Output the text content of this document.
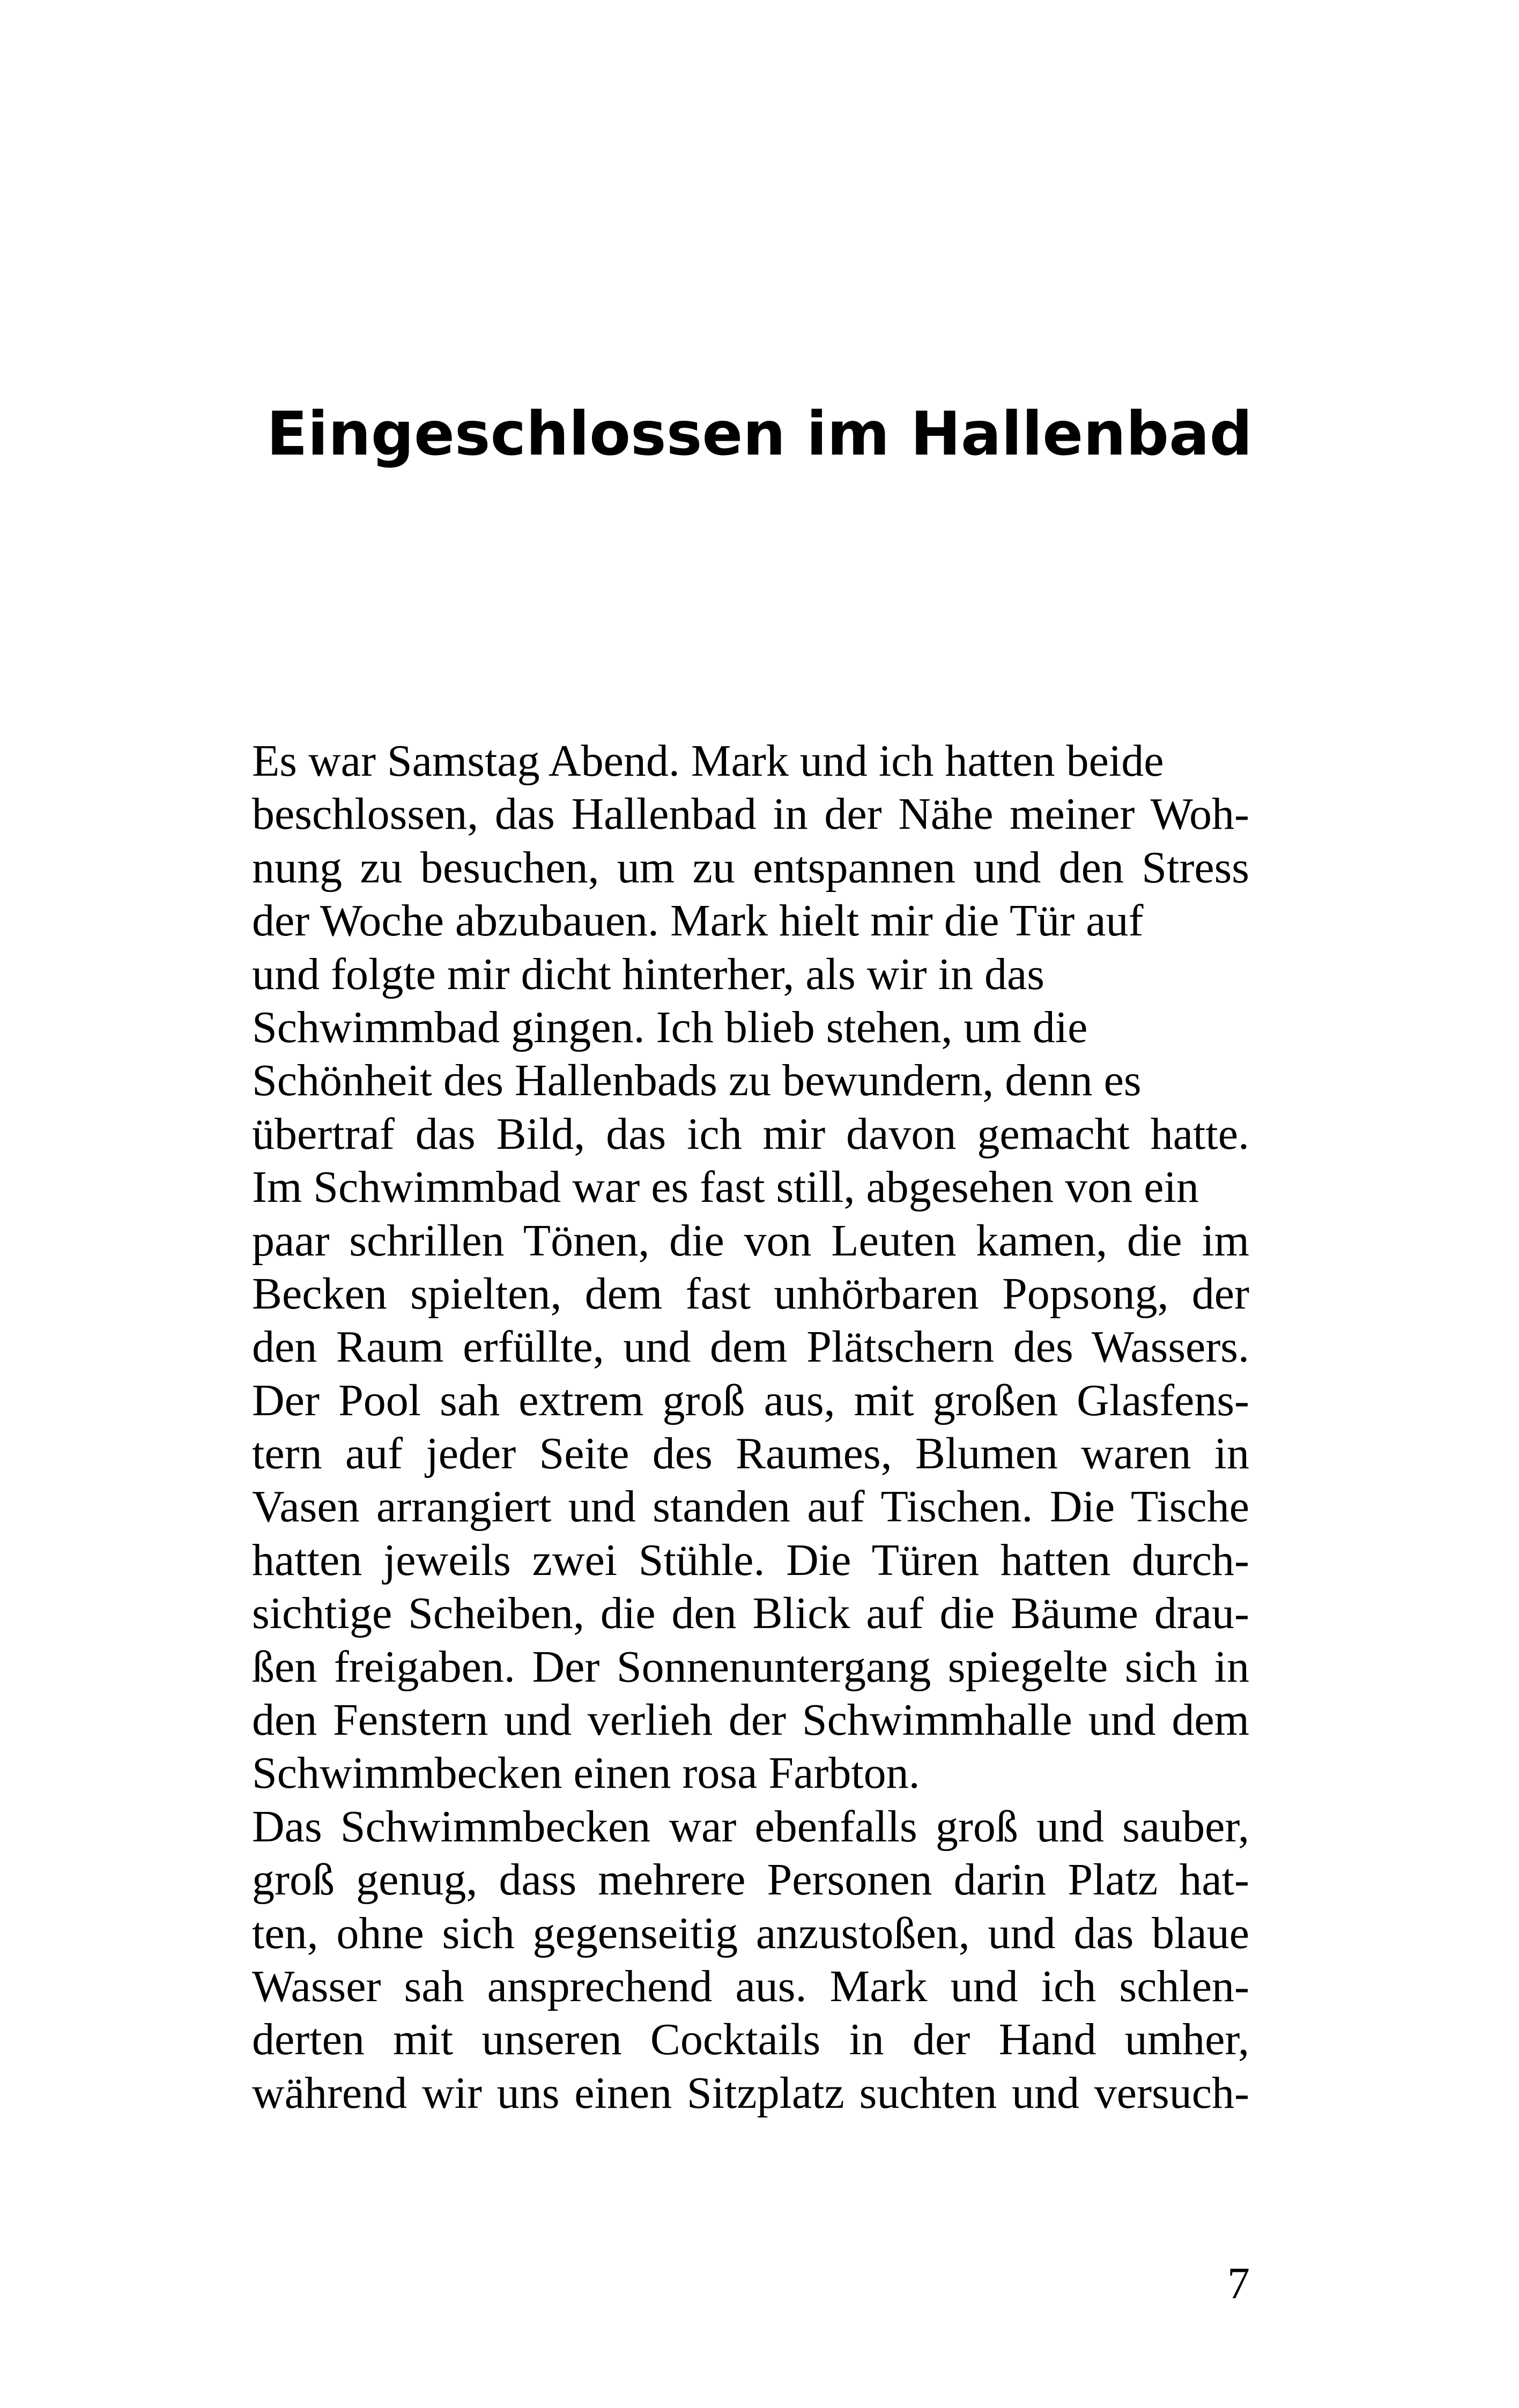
Eingeschlossen im Hallenbad
Es war Samstag Abend. Mark und ich hatten beide
beschlossen, das Hallenbad in der Nähe meiner Woh-
nung zu besuchen, um zu entspannen und den Stress
der Woche abzubauen. Mark hielt mir die Tür auf
und folgte mir dicht hinterher, als wir in das
Schwimmbad gingen. Ich blieb stehen, um die
Schönheit des Hallenbads zu bewundern, denn es
übertraf das Bild, das ich mir davon gemacht hatte.
Im Schwimmbad war es fast still, abgesehen von ein
paar schrillen Tönen, die von Leuten kamen, die im
Becken spielten, dem fast unhörbaren Popsong, der
den Raum erfüllte, und dem Plätschern des Wassers.
Der Pool sah extrem groß aus, mit großen Glasfens-
tern auf jeder Seite des Raumes, Blumen waren in
Vasen arrangiert und standen auf Tischen. Die Tische
hatten jeweils zwei Stühle. Die Türen hatten durch-
sichtige Scheiben, die den Blick auf die Bäume drau-
ßen freigaben. Der Sonnenuntergang spiegelte sich in
den Fenstern und verlieh der Schwimmhalle und dem
Schwimmbecken einen rosa Farbton.
Das Schwimmbecken war ebenfalls groß und sauber,
groß genug, dass mehrere Personen darin Platz hat-
ten, ohne sich gegenseitig anzustoßen, und das blaue
Wasser sah ansprechend aus. Mark und ich schlen-
derten mit unseren Cocktails in der Hand umher,
während wir uns einen Sitzplatz suchten und versuch-
7
